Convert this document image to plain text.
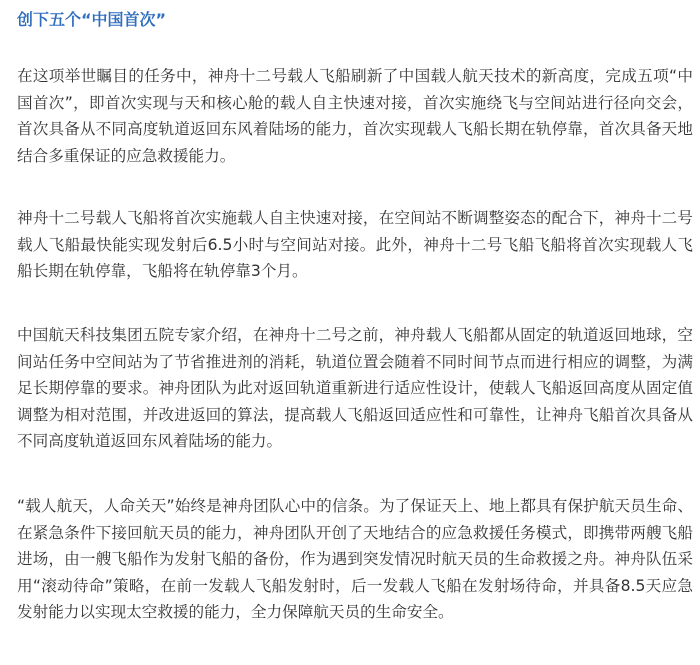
创下五个“中国首次”

在这项举世瞩目的任务中，神舟十二号载人飞船刷新了中国载人航天技术的新高度，完成五项“中国首次”，即首次实现与天和核心舱的载人自主快速对接，首次实施绕飞与空间站进行径向交会，首次具备从不同高度轨道返回东风着陆场的能力，首次实现载人飞船长期在轨停靠，首次具备天地结合多重保证的应急救援能力。

神舟十二号载人飞船将首次实施载人自主快速对接，在空间站不断调整姿态的配合下，神舟十二号载人飞船最快能实现发射后6.5小时与空间站对接。此外，神舟十二号飞船飞船将首次实现载人飞船长期在轨停靠，飞船将在轨停靠3个月。

中国航天科技集团五院专家介绍，在神舟十二号之前，神舟载人飞船都从固定的轨道返回地球，空间站任务中空间站为了节省推进剂的消耗，轨道位置会随着不同时间节点而进行相应的调整，为满足长期停靠的要求。神舟团队为此对返回轨道重新进行适应性设计，使载人飞船返回高度从固定值调整为相对范围，并改进返回的算法，提高载人飞船返回适应性和可靠性，让神舟飞船首次具备从不同高度轨道返回东风着陆场的能力。

“载人航天，人命关天”始终是神舟团队心中的信条。为了保证天上、地上都具有保护航天员生命、在紧急条件下接回航天员的能力，神舟团队开创了天地结合的应急救援任务模式，即携带两艘飞船进场，由一艘飞船作为发射飞船的备份，作为遇到突发情况时航天员的生命救援之舟。神舟队伍采用“滚动待命”策略，在前一发载人飞船发射时，后一发载人飞船在发射场待命，并具备8.5天应急发射能力以实现太空救援的能力，全力保障航天员的生命安全。
